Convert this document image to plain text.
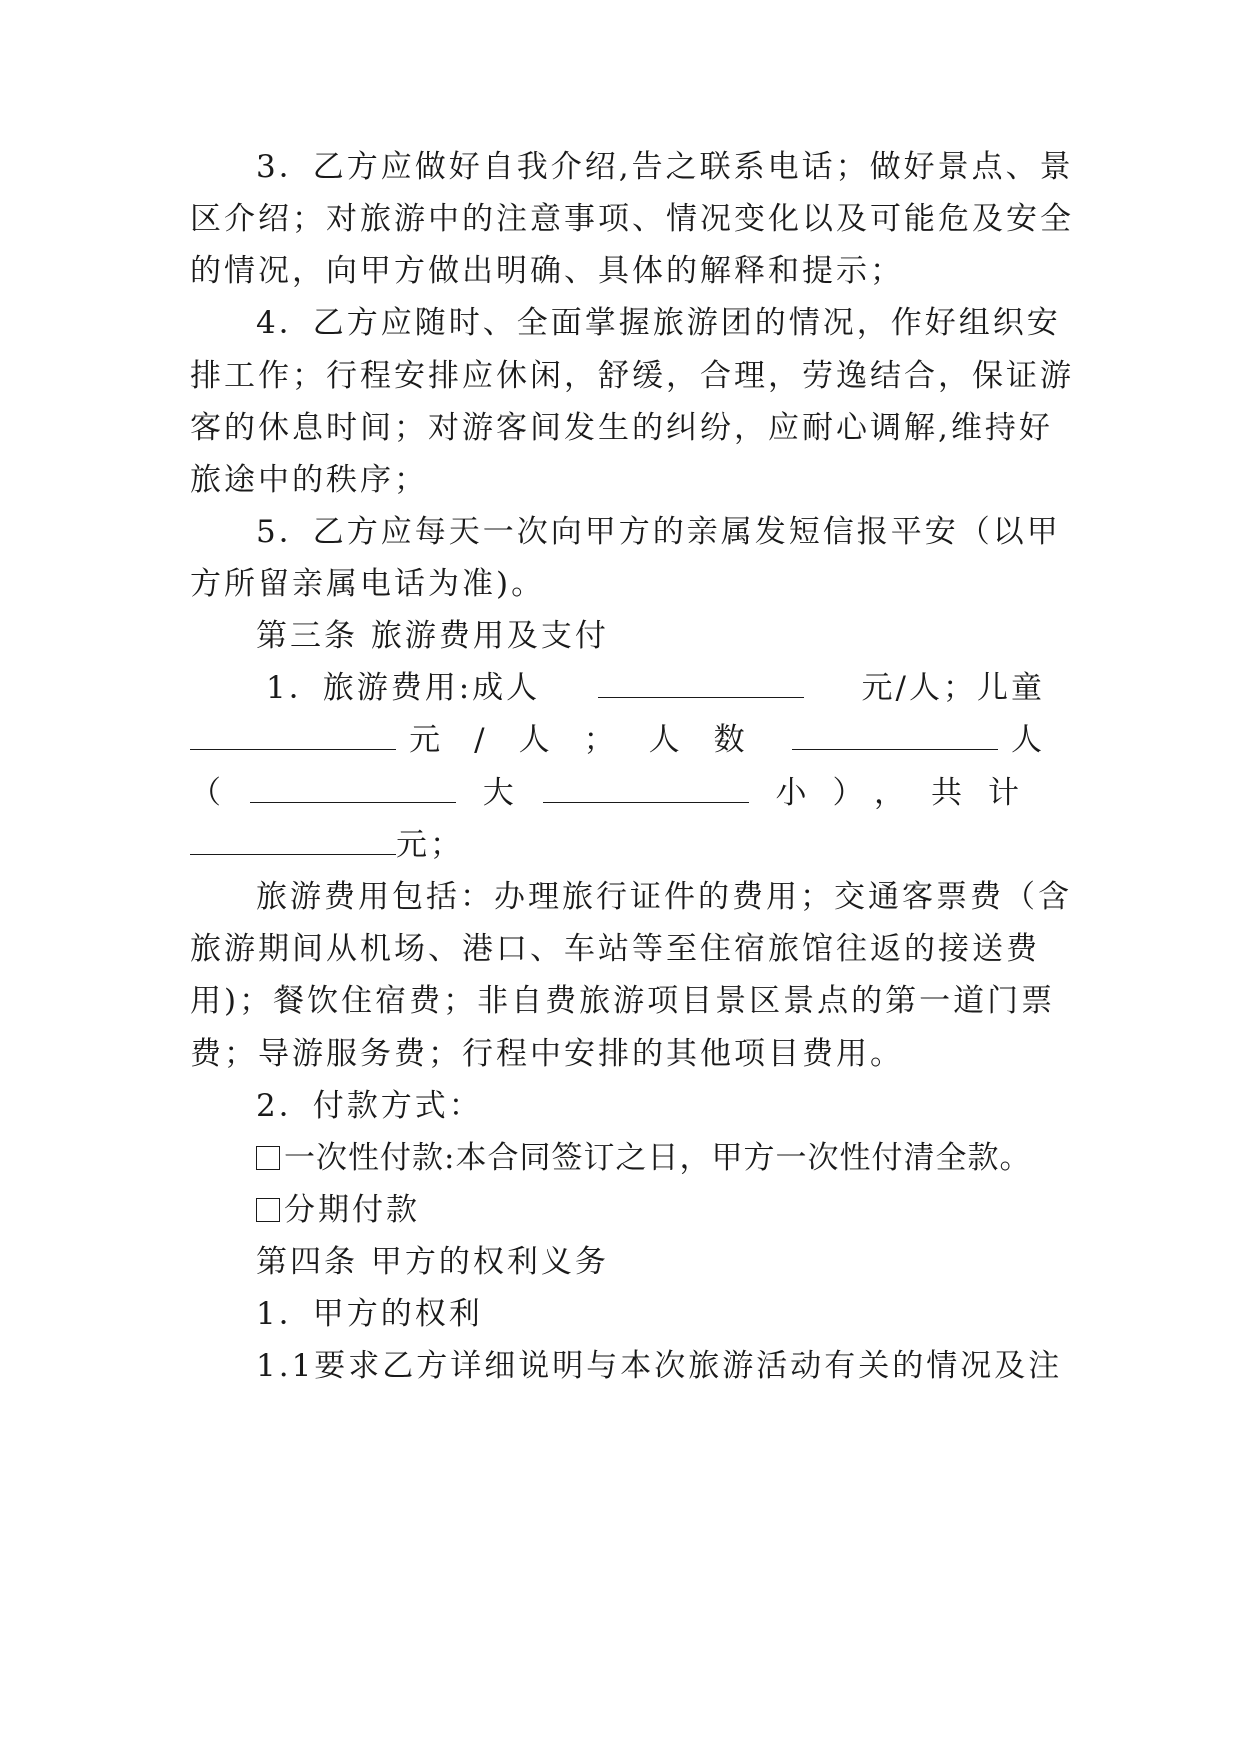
3．乙方应做好自我介绍,告之联系电话；做好景点、景
区介绍；对旅游中的注意事项、情况变化以及可能危及安全
的情况，向甲方做出明确、具体的解释和提示；
4．乙方应随时、全面掌握旅游团的情况，作好组织安
排工作；行程安排应休闲，舒缓，合理，劳逸结合，保证游
客的休息时间；对游客间发生的纠纷，应耐心调解,维持好
旅途中的秩序；
5．乙方应每天一次向甲方的亲属发短信报平安（以甲
方所留亲属电话为准)。
第三条 旅游费用及支付
1．旅游费用:成人	元/人；儿童
元/人；人数	人
（	大	小），共计
元；
旅游费用包括：办理旅行证件的费用；交通客票费（含
旅游期间从机场、港口、车站等至住宿旅馆往返的接送费
用)；餐饮住宿费；非自费旅游项目景区景点的第一道门票
费；导游服务费；行程中安排的其他项目费用。
2．付款方式：
一次性付款:本合同签订之日，甲方一次性付清全款。
分期付款
第四条 甲方的权利义务
1．甲方的权利
1.1要求乙方详细说明与本次旅游活动有关的情况及注
